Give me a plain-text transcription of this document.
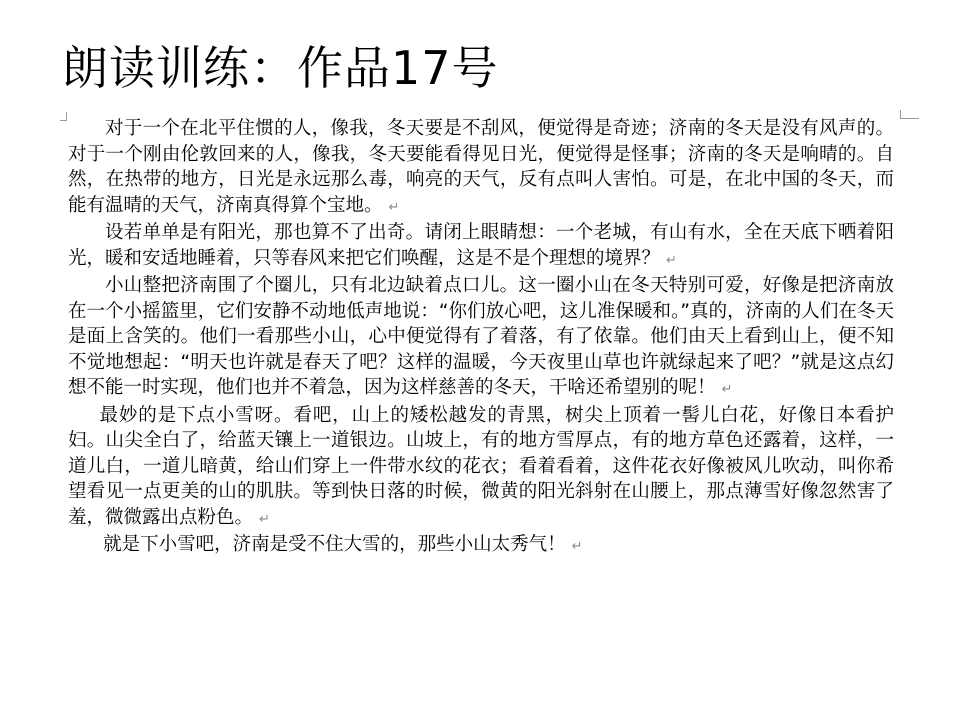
朗读训练：作品17号

对于一个在北平住惯的人，像我，冬天要是不刮风，便觉得是奇迹；济南的冬天是没有风声的。对于一个刚由伦敦回来的人，像我，冬天要能看得见日光，便觉得是怪事；济南的冬天是响晴的。自然，在热带的地方，日光是永远那么毒，响亮的天气，反有点叫人害怕。可是，在北中国的冬天，而能有温晴的天气，济南真得算个宝地。 ↵

设若单单是有阳光，那也算不了出奇。请闭上眼睛想：一个老城，有山有水，全在天底下晒着阳光，暖和安适地睡着，只等春风来把它们唤醒，这是不是个理想的境界？ ↵

小山整把济南围了个圈儿，只有北边缺着点口儿。这一圈小山在冬天特别可爱，好像是把济南放在一个小摇篮里，它们安静不动地低声地说：“你们放心吧，这儿准保暖和。”真的，济南的人们在冬天是面上含笑的。他们一看那些小山，心中便觉得有了着落，有了依靠。他们由天上看到山上，便不知不觉地想起：“明天也许就是春天了吧？这样的温暖，今天夜里山草也许就绿起来了吧？”就是这点幻想不能一时实现，他们也并不着急，因为这样慈善的冬天，干啥还希望别的呢！ ↵

最妙的是下点小雪呀。看吧，山上的矮松越发的青黑，树尖上顶着一髻儿白花，好像日本看护妇。山尖全白了，给蓝天镶上一道银边。山坡上，有的地方雪厚点，有的地方草色还露着，这样，一道儿白，一道儿暗黄，给山们穿上一件带水纹的花衣；看着看着，这件花衣好像被风儿吹动，叫你希望看见一点更美的山的肌肤。等到快日落的时候，微黄的阳光斜射在山腰上，那点薄雪好像忽然害了羞，微微露出点粉色。 ↵

就是下小雪吧，济南是受不住大雪的，那些小山太秀气！ ↵
